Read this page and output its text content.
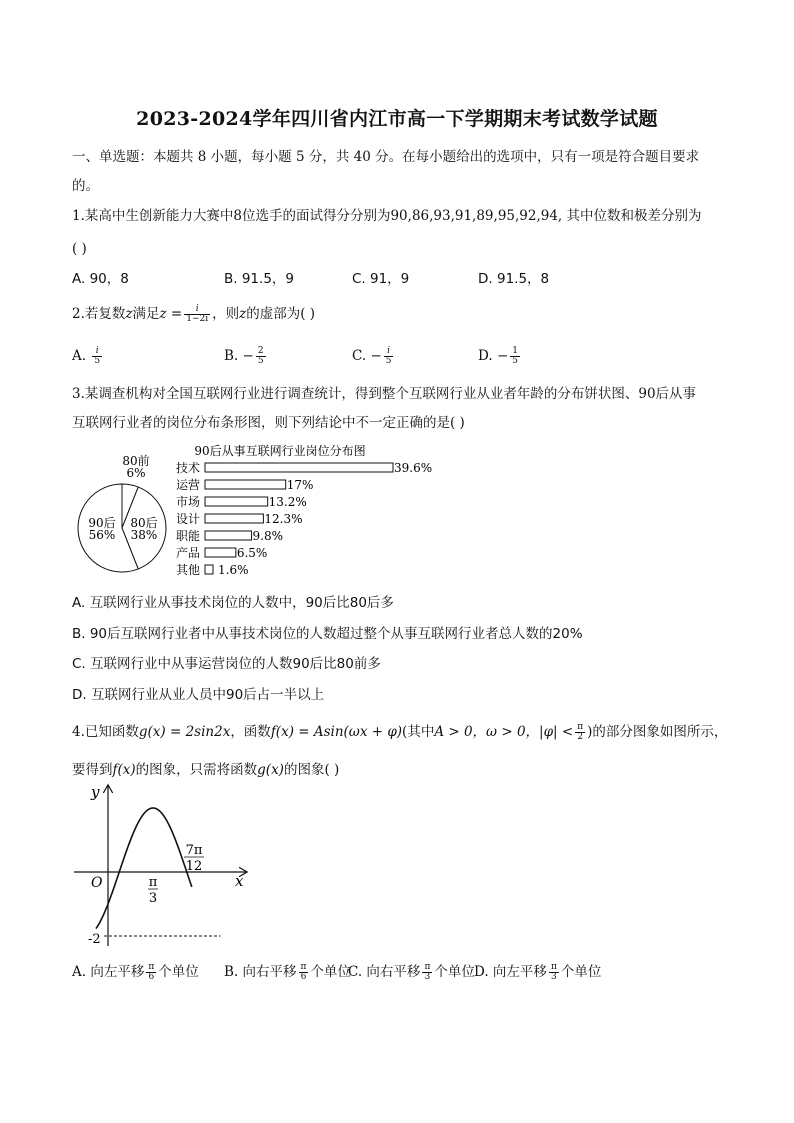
2023-2024学年四川省内江市高一下学期期末考试数学试题
一、单选题：本题共 8 小题，每小题 5 分，共 40 分。在每小题给出的选项中，只有一项是符合题目要求
的。
1.某高中生创新能力大赛中8位选手的面试得分分别为90,86,93,91,89,95,92,94, 其中位数和极差分别为
( )
A. 90，8	B. 91.5，9	C. 91，9	D. 91.5，8
2.若复数z满足$z = \frac{i}{1-2i}$ ，则z的虚部为( )
A. $\frac{i}{5}$	B. − $\frac{2}{5}$	C. − $\frac{i}{5}$	D. − $\frac{1}{5}$
3.某调查机构对全国互联网行业进行调查统计，得到整个互联网行业从业者年龄的分布饼状图、90后从事
互联网行业者的岗位分布条形图，则下列结论中不一定正确的是( )
80前
6%
80后
38%
90后
56%
90后从事互联网行业岗位分布图
技术	39.6%
运营	17%
市场	13.2%
设计	12.3%
职能	9.8%
产品	6.5%
其他 1.6%
A. 互联网行业从事技术岗位的人数中，90后比80后多
B. 90后互联网行业者中从事技术岗位的人数超过整个从事互联网行业者总人数的20%
C. 互联网行业中从事运营岗位的人数90后比80前多
D. 互联网行业从业人员中90后占一半以上
4.已知函数g(x) = 2sin2x，函数f(x) = Asin(ωx + φ)(其中A > 0，ω > 0，$|\varphi| < \frac{\pi}{2}$ )的部分图象如图所示，
要得到f(x)的图象，只需将函数g(x)的图象( )
y
x
O
-2
π
3
7π
12
A. 向左平移 $\frac{\pi}{6}$ 个单位 B. 向右平移 $\frac{\pi}{6}$ 个单位
C. 向右平移 $\frac{\pi}{3}$ 个单位 D. 向左平移 $\frac{\pi}{3}$ 个单位
